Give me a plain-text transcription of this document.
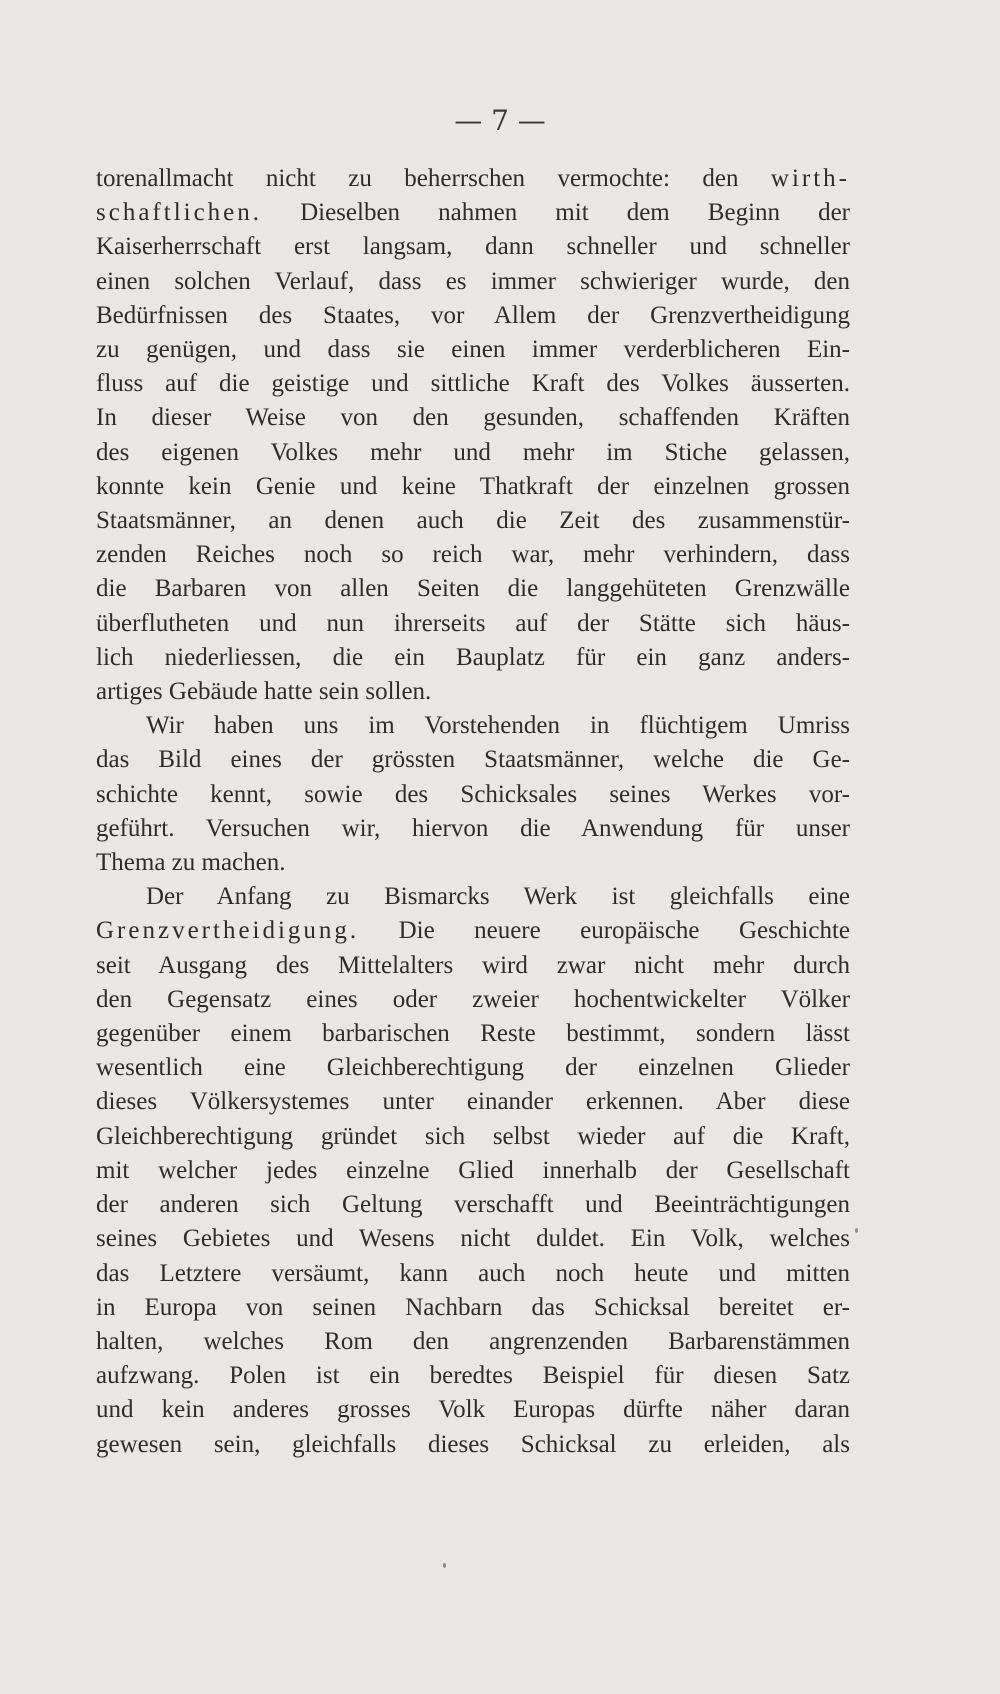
— 7 —
torenallmacht nicht zu beherrschen vermochte: den wirth-
schaftlichen. Dieselben nahmen mit dem Beginn der
Kaiserherrschaft erst langsam, dann schneller und schneller
einen solchen Verlauf, dass es immer schwieriger wurde, den
Bedürfnissen des Staates, vor Allem der Grenzvertheidigung
zu genügen, und dass sie einen immer verderblicheren Ein-
fluss auf die geistige und sittliche Kraft des Volkes äusserten.
In dieser Weise von den gesunden, schaffenden Kräften
des eigenen Volkes mehr und mehr im Stiche gelassen,
konnte kein Genie und keine Thatkraft der einzelnen grossen
Staatsmänner, an denen auch die Zeit des zusammenstür-
zenden Reiches noch so reich war, mehr verhindern, dass
die Barbaren von allen Seiten die langgehüteten Grenzwälle
überflutheten und nun ihrerseits auf der Stätte sich häus-
lich niederliessen, die ein Bauplatz für ein ganz anders-
artiges Gebäude hatte sein sollen.
Wir haben uns im Vorstehenden in flüchtigem Umriss
das Bild eines der grössten Staatsmänner, welche die Ge-
schichte kennt, sowie des Schicksales seines Werkes vor-
geführt. Versuchen wir, hiervon die Anwendung für unser
Thema zu machen.
Der Anfang zu Bismarcks Werk ist gleichfalls eine
Grenzvertheidigung. Die neuere europäische Geschichte
seit Ausgang des Mittelalters wird zwar nicht mehr durch
den Gegensatz eines oder zweier hochentwickelter Völker
gegenüber einem barbarischen Reste bestimmt, sondern lässt
wesentlich eine Gleichberechtigung der einzelnen Glieder
dieses Völkersystemes unter einander erkennen. Aber diese
Gleichberechtigung gründet sich selbst wieder auf die Kraft,
mit welcher jedes einzelne Glied innerhalb der Gesellschaft
der anderen sich Geltung verschafft und Beeinträchtigungen
seines Gebietes und Wesens nicht duldet. Ein Volk, welches
das Letztere versäumt, kann auch noch heute und mitten
in Europa von seinen Nachbarn das Schicksal bereitet er-
halten, welches Rom den angrenzenden Barbarenstämmen
aufzwang. Polen ist ein beredtes Beispiel für diesen Satz
und kein anderes grosses Volk Europas dürfte näher daran
gewesen sein, gleichfalls dieses Schicksal zu erleiden, als
